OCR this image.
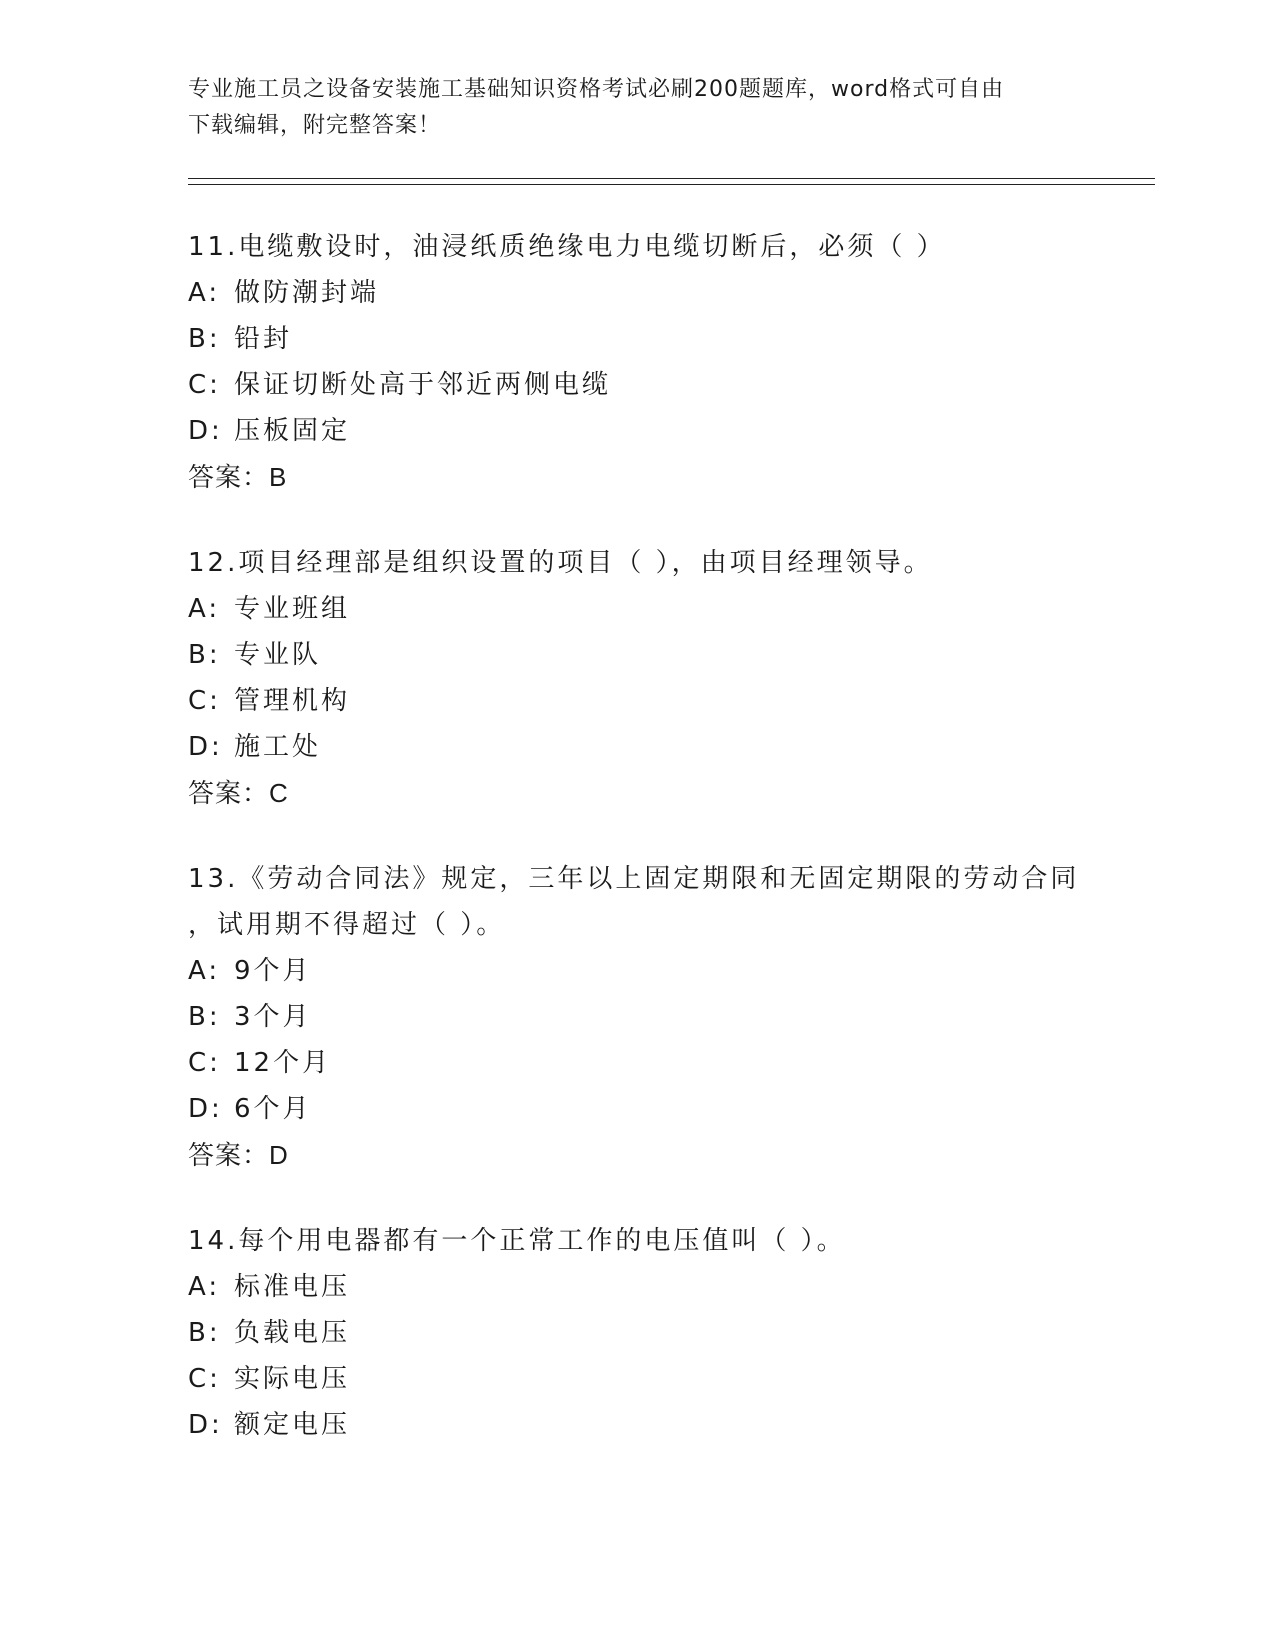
专业施工员之设备安装施工基础知识资格考试必刷200题题库，word格式可自由
下载编辑，附完整答案！

11.电缆敷设时，油浸纸质绝缘电力电缆切断后，必须（ ）

A: 做防潮封端

B: 铅封

C: 保证切断处高于邻近两侧电缆

D: 压板固定

答案：B

12.项目经理部是组织设置的项目（ ），由项目经理领导。

A: 专业班组

B: 专业队

C: 管理机构

D: 施工处

答案：C

13.《劳动合同法》规定，三年以上固定期限和无固定期限的劳动合同

，试用期不得超过（ ）。

A: 9个月

B: 3个月

C: 12个月

D: 6个月

答案：D

14.每个用电器都有一个正常工作的电压值叫（ ）。

A: 标准电压

B: 负载电压

C: 实际电压

D: 额定电压
